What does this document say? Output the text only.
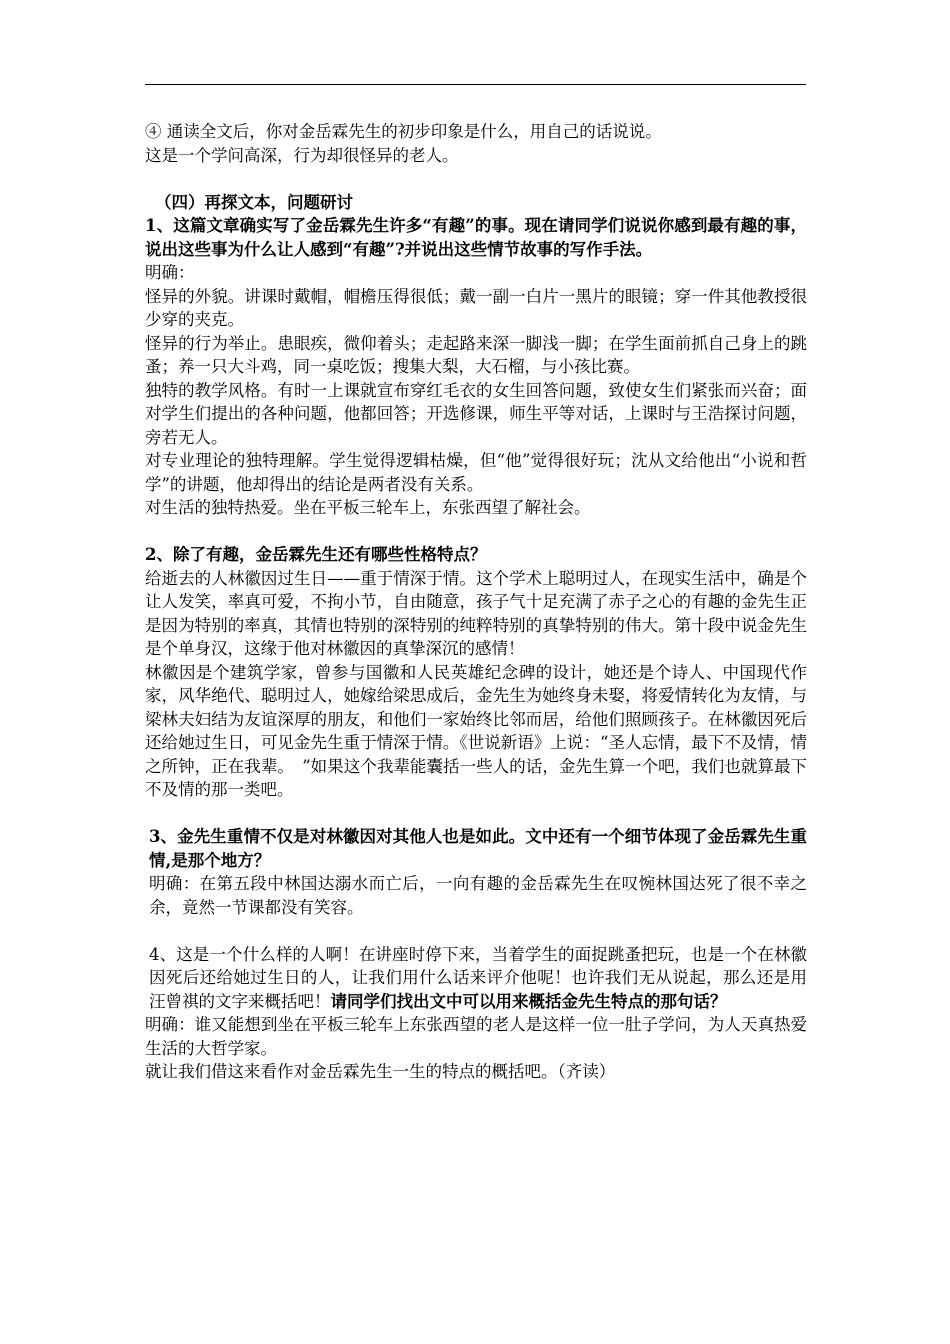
④ 通读全文后，你对金岳霖先生的初步印象是什么，用自己的话说说。

这是一个学问高深，行为却很怪异的老人。

（四）再探文本，问题研讨

1、这篇文章确实写了金岳霖先生许多“有趣”的事。现在请同学们说说你感到最有趣的事，说出这些事为什么让人感到“有趣”?并说出这些情节故事的写作手法。

明确：

怪异的外貌。讲课时戴帽，帽檐压得很低；戴一副一白片一黑片的眼镜；穿一件其他教授很少穿的夹克。

怪异的行为举止。患眼疾，微仰着头；走起路来深一脚浅一脚；在学生面前抓自己身上的跳蚤；养一只大斗鸡，同一桌吃饭；搜集大梨，大石榴，与小孩比赛。

独特的教学风格。有时一上课就宣布穿红毛衣的女生回答问题，致使女生们紧张而兴奋；面对学生们提出的各种问题，他都回答；开选修课，师生平等对话，上课时与王浩探讨问题，旁若无人。

对专业理论的独特理解。学生觉得逻辑枯燥，但“他”觉得很好玩；沈从文给他出“小说和哲学”的讲题，他却得出的结论是两者没有关系。

对生活的独特热爱。坐在平板三轮车上，东张西望了解社会。

2、除了有趣，金岳霖先生还有哪些性格特点？

给逝去的人林徽因过生日——重于情深于情。这个学术上聪明过人，在现实生活中，确是个让人发笑，率真可爱，不拘小节，自由随意，孩子气十足充满了赤子之心的有趣的金先生正是因为特别的率真，其情也特别的深特别的纯粹特别的真挚特别的伟大。第十段中说金先生是个单身汉，这缘于他对林徽因的真挚深沉的感情！

林徽因是个建筑学家，曾参与国徽和人民英雄纪念碑的设计，她还是个诗人、中国现代作家，风华绝代、聪明过人，她嫁给梁思成后，金先生为她终身未娶，将爱情转化为友情，与梁林夫妇结为友谊深厚的朋友，和他们一家始终比邻而居，给他们照顾孩子。在林徽因死后还给她过生日，可见金先生重于情深于情。《世说新语》上说：“圣人忘情，最下不及情，情之所钟，正在我辈。　”如果这个我辈能囊括一些人的话，金先生算一个吧，我们也就算最下不及情的那一类吧。

3、金先生重情不仅是对林徽因对其他人也是如此。文中还有一个细节体现了金岳霖先生重情,是那个地方？

明确：在第五段中林国达溺水而亡后，一向有趣的金岳霖先生在叹惋林国达死了很不幸之余，竟然一节课都没有笑容。

4、这是一个什么样的人啊！在讲座时停下来，当着学生的面捉跳蚤把玩，也是一个在林徽因死后还给她过生日的人，让我们用什么话来评介他呢！也许我们无从说起，那么还是用汪曾祺的文字来概括吧！请同学们找出文中可以用来概括金先生特点的那句话？

明确：谁又能想到坐在平板三轮车上东张西望的老人是这样一位一肚子学问，为人天真热爱生活的大哲学家。

就让我们借这来看作对金岳霖先生一生的特点的概括吧。（齐读）
